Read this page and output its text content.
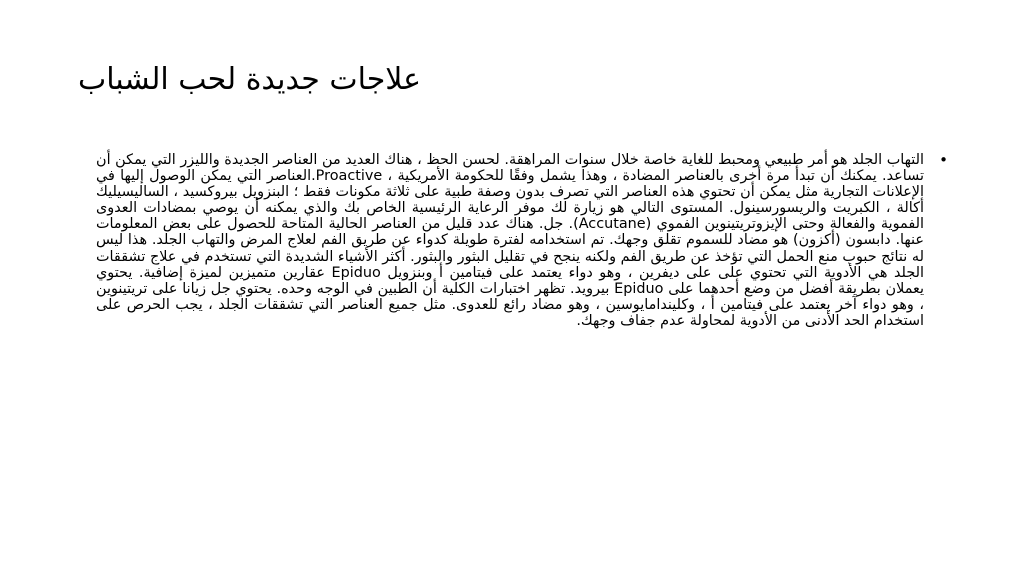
علاجات جديدة لحب الشباب
•

التهاب الجلد هو أمر طبيعي ومحبط للغاية خاصة خلال سنوات المراهقة. لحسن الحظ ، هناك العديد من العناصر الجديدة والليزر التي يمكن أن تساعد. يمكنك أن تبدأ مرة أخرى بالعناصر المضادة ، وهذا يشمل وفقًا للحكومة الأمريكية ، Proactive.العناصر التي يمكن الوصول إليها في الإعلانات التجارية مثل يمكن أن تحتوي هذه العناصر التي تصرف بدون وصفة طبية على ثلاثة مكونات فقط ؛ البنزويل بيروكسيد ، الساليسيليك أكالة ، الكبريت والريسورسينول. المستوى التالي هو زيارة لك موفر الرعاية الرئيسية الخاص بك والذي يمكنه أن يوصي بمضادات العدوى الفموية والفعالة وحتى الإيزوتريتينوين الفموي (Accutane). جل. هناك عدد قليل من العناصر الحالية المتاحة للحصول على بعض المعلومات عنها. دابسون (أكزون) هو مضاد للسموم تقلق وجهك. تم استخدامه لفترة طويلة كدواء عن طريق الفم لعلاج المرض والتهاب الجلد. هذا ليس له نتائج حبوب منع الحمل التي تؤخذ عن طريق الفم ولكنه ينجح في تقليل البثور والبثور. أكثر الأشياء الشديدة التي تستخدم في علاج تشققات الجلد هي الأدوية التي تحتوي على على ديفرين ، وهو دواء يعتمد على فيتامين أ وبنزويل Epiduo عقارين متميزين لميزة إضافية. يحتوي يعملان بطريقة أفضل من وضع أحدهما على Epiduo بيرويد. تظهر اختبارات الكلية أن الطبين في الوجه وحده. يحتوي جل زيانا على تريتينوين ، وهو دواء آخر يعتمد على فيتامين أ ، وكليندامايوسين ، وهو مضاد رائع للعدوى. مثل جميع العناصر التي تشققات الجلد ، يجب الحرص على استخدام الحد الأدنى من الأدوية لمحاولة عدم جفاف وجهك.
